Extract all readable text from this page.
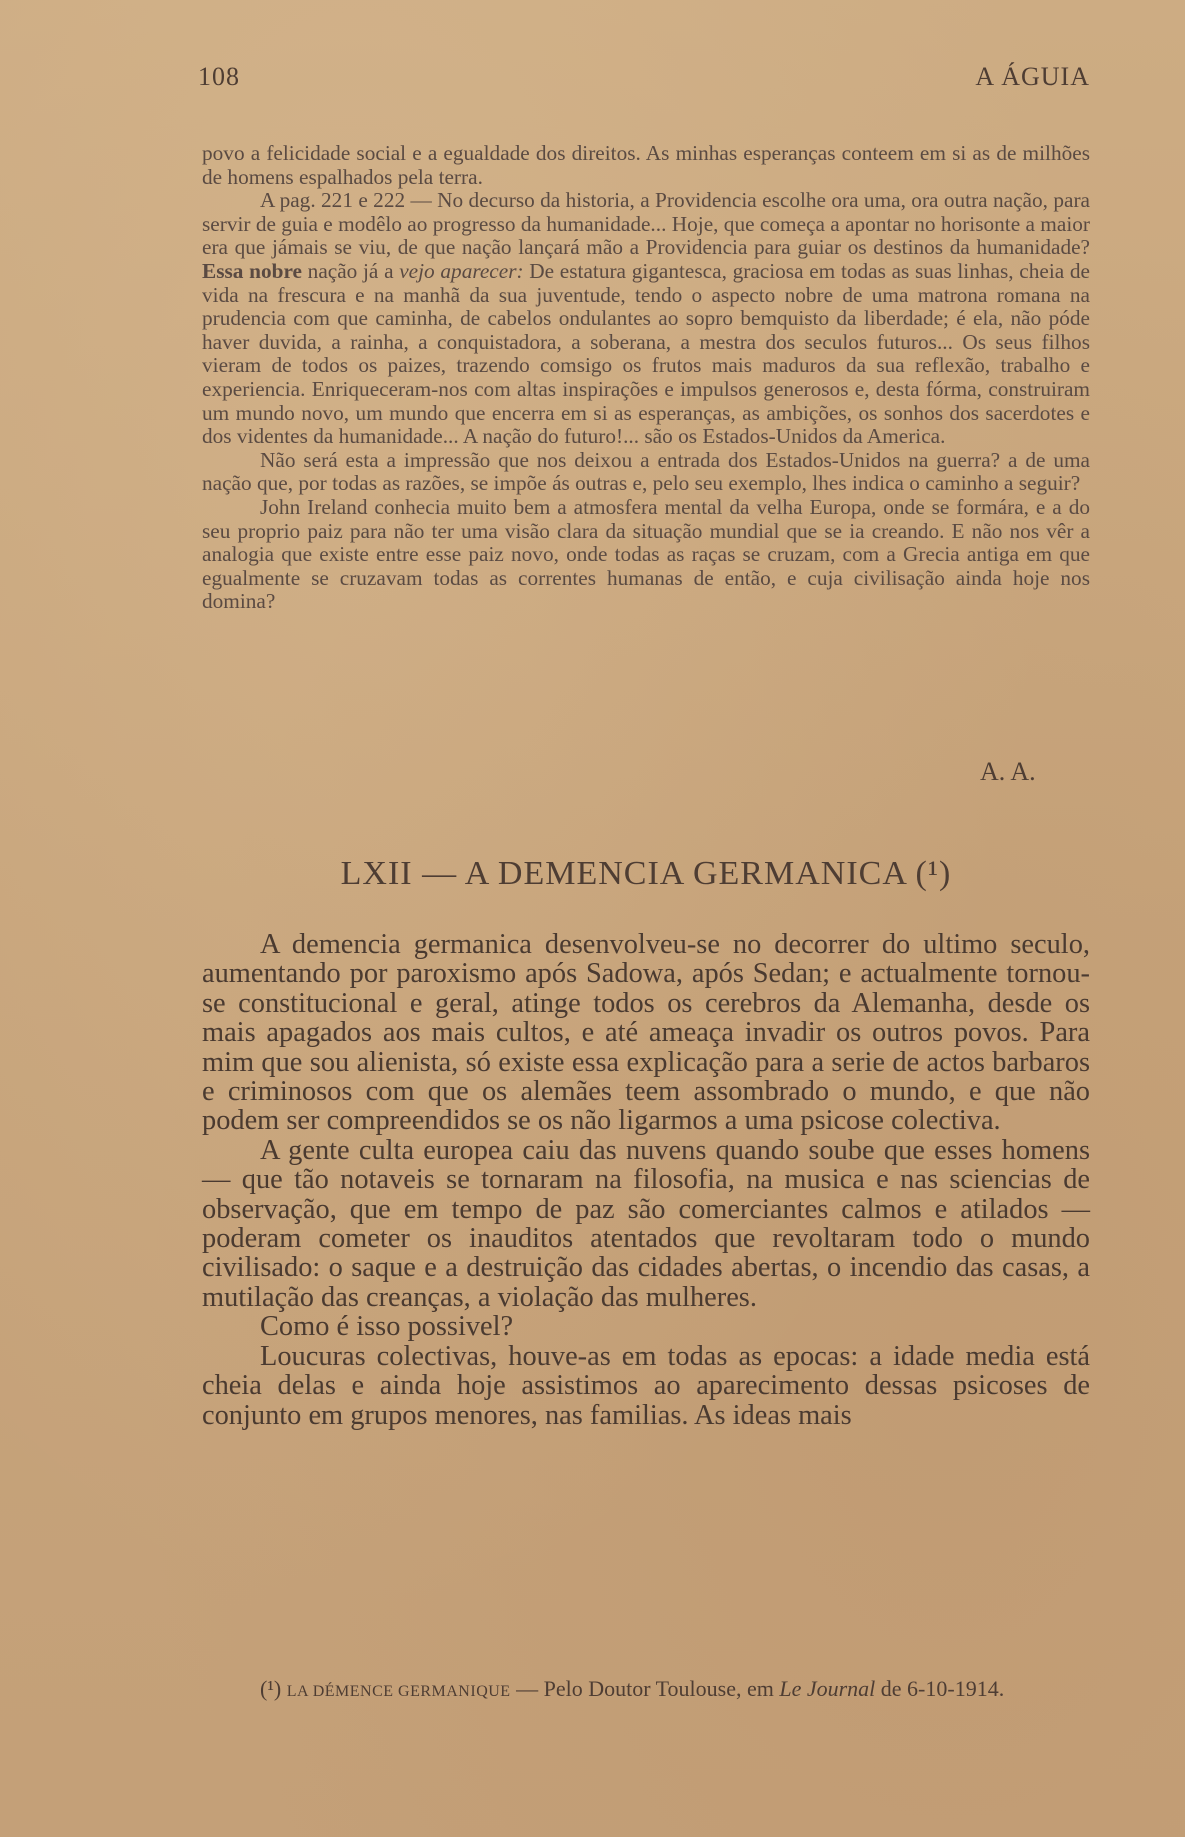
108	A ÁGUIA

povo a felicidade social e a egualdade dos direitos. As minhas esperanças conteem em si as de milhões de homens espalhados pela terra.

A pag. 221 e 222 — No decurso da historia, a Providencia escolhe ora uma, ora outra nação, para servir de guia e modêlo ao progresso da humanidade... Hoje, que começa a apontar no horisonte a maior era que jámais se viu, de que nação lançará mão a Providencia para guiar os destinos da humanidade? Essa nobre nação já a vejo aparecer: De estatura gigantesca, graciosa em todas as suas linhas, cheia de vida na frescura e na manhã da sua juventude, tendo o aspecto nobre de uma matrona romana na prudencia com que caminha, de cabelos ondulantes ao sopro bemquisto da liberdade; é ela, não póde haver duvida, a rainha, a conquistadora, a soberana, a mestra dos seculos futuros... Os seus filhos vieram de todos os paizes, trazendo comsigo os frutos mais maduros da sua reflexão, trabalho e experiencia. Enriqueceram-nos com altas inspirações e impulsos generosos e, desta fórma, construiram um mundo novo, um mundo que encerra em si as esperanças, as ambições, os sonhos dos sacerdotes e dos videntes da humanidade... A nação do futuro!... são os Estados-Unidos da America.

Não será esta a impressão que nos deixou a entrada dos Estados-Unidos na guerra? a de uma nação que, por todas as razões, se impõe ás outras e, pelo seu exemplo, lhes indica o caminho a seguir?

John Ireland conhecia muito bem a atmosfera mental da velha Europa, onde se formára, e a do seu proprio paiz para não ter uma visão clara da situação mundial que se ia creando. E não nos vêr a analogia que existe entre esse paiz novo, onde todas as raças se cruzam, com a Grecia antiga em que egualmente se cruzavam todas as correntes humanas de então, e cuja civilisação ainda hoje nos domina?

A. A.
LXII — A DEMENCIA GERMANICA (¹)

A demencia germanica desenvolveu-se no decorrer do ultimo seculo, aumentando por paroxismo após Sadowa, após Sedan; e actualmente tornou-se constitucional e geral, atinge todos os cerebros da Alemanha, desde os mais apagados aos mais cultos, e até ameaça invadir os outros povos. Para mim que sou alienista, só existe essa explicação para a serie de actos barbaros e criminosos com que os alemães teem assombrado o mundo, e que não podem ser compreendidos se os não ligarmos a uma psicose colectiva.

A gente culta europea caiu das nuvens quando soube que esses homens — que tão notaveis se tornaram na filosofia, na musica e nas sciencias de observação, que em tempo de paz são comerciantes calmos e atilados — poderam cometer os inauditos atentados que revoltaram todo o mundo civilisado: o saque e a destruição das cidades abertas, o incendio das casas, a mutilação das creanças, a violação das mulheres.

Como é isso possivel?

Loucuras colectivas, houve-as em todas as epocas: a idade media está cheia delas e ainda hoje assistimos ao aparecimento dessas psicoses de conjunto em grupos menores, nas familias. As ideas mais

(¹) LA DÉMENCE GERMANIQUE — Pelo Doutor Toulouse, em Le Journal de 6-10-1914.
